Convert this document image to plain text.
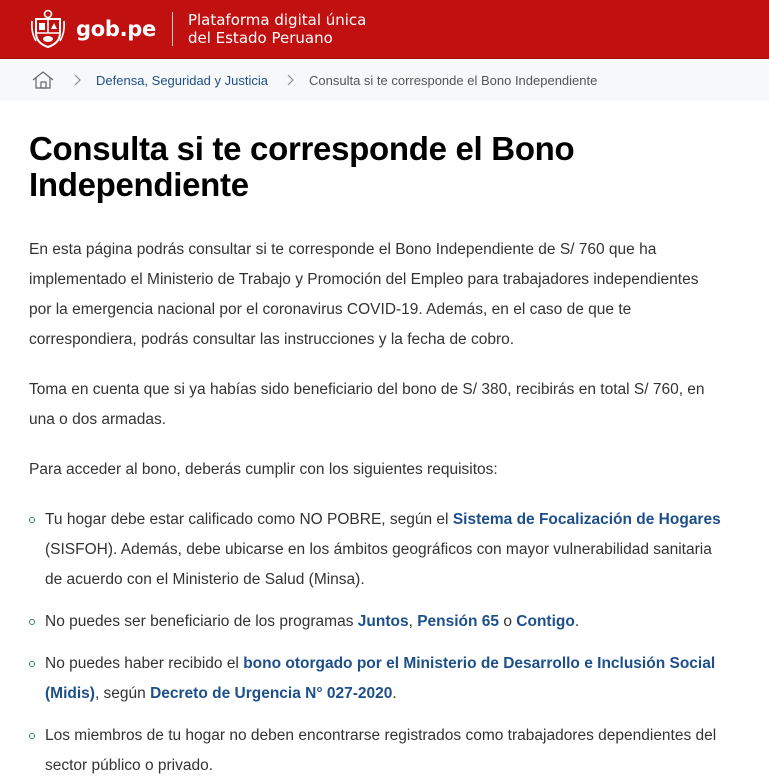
gob.pe Plataforma digital única
del Estado Peruano
Defensa, Seguridad y Justicia	Consulta si te corresponde el Bono Independiente
Consulta si te corresponde el Bono Independiente

En esta página podrás consultar si te corresponde el Bono Independiente de S/ 760 que ha implementado el Ministerio de Trabajo y Promoción del Empleo para trabajadores independientes por la emergencia nacional por el coronavirus COVID-19. Además, en el caso de que te correspondiera, podrás consultar las instrucciones y la fecha de cobro.

Toma en cuenta que si ya habías sido beneficiario del bono de S/ 380, recibirás en total S/ 760, en una o dos armadas.

Para acceder al bono, deberás cumplir con los siguientes requisitos:

Tu hogar debe estar calificado como NO POBRE, según el Sistema de Focalización de Hogares (SISFOH). Además, debe ubicarse en los ámbitos geográficos con mayor vulnerabilidad sanitaria de acuerdo con el Ministerio de Salud (Minsa).
No puedes ser beneficiario de los programas Juntos, Pensión 65 o Contigo.
No puedes haber recibido el bono otorgado por el Ministerio de Desarrollo e Inclusión Social (Midis), según Decreto de Urgencia N° 027-2020.
Los miembros de tu hogar no deben encontrarse registrados como trabajadores dependientes del sector público o privado.
